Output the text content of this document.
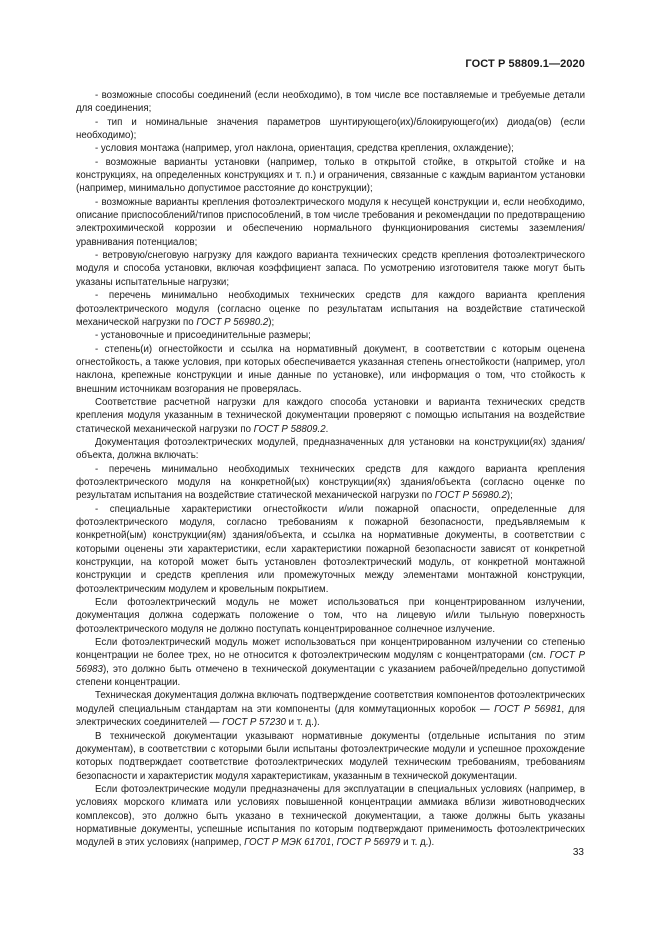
ГОСТ Р 58809.1—2020

- возможные способы соединений (если необходимо), в том числе все поставляемые и требуемые детали для соединения;

- тип и номинальные значения параметров шунтирующего(их)/блокирующего(их) диода(ов) (если необходимо);

- условия монтажа (например, угол наклона, ориентация, средства крепления, охлаждение);

- возможные варианты установки (например, только в открытой стойке, в открытой стойке и на конструкциях, на определенных конструкциях и т. п.) и ограничения, связанные с каждым вариантом установки (например, минимально допустимое расстояние до конструкции);

- возможные варианты крепления фотоэлектрического модуля к несущей конструкции и, если необходимо, описание приспособлений/типов приспособлений, в том числе требования и рекомендации по предотвращению электрохимической коррозии и обеспечению нормального функционирования системы заземления/уравнивания потенциалов;

- ветровую/снеговую нагрузку для каждого варианта технических средств крепления фотоэлектрического модуля и способа установки, включая коэффициент запаса. По усмотрению изготовителя также могут быть указаны испытательные нагрузки;

- перечень минимально необходимых технических средств для каждого варианта крепления фотоэлектрического модуля (согласно оценке по результатам испытания на воздействие статической механической нагрузки по ГОСТ Р 56980.2);

- установочные и присоединительные размеры;

- степень(и) огнестойкости и ссылка на нормативный документ, в соответствии с которым оценена огнестойкость, а также условия, при которых обеспечивается указанная степень огнестойкости (например, угол наклона, крепежные конструкции и иные данные по установке), или информация о том, что стойкость к внешним источникам возгорания не проверялась.

Соответствие расчетной нагрузки для каждого способа установки и варианта технических средств крепления модуля указанным в технической документации проверяют с помощью испытания на воздействие статической механической нагрузки по ГОСТ Р 58809.2.

Документация фотоэлектрических модулей, предназначенных для установки на конструкции(ях) здания/объекта, должна включать:

- перечень минимально необходимых технических средств для каждого варианта крепления фотоэлектрического модуля на конкретной(ых) конструкции(ях) здания/объекта (согласно оценке по результатам испытания на воздействие статической механической нагрузки по ГОСТ Р 56980.2);

- специальные характеристики огнестойкости и/или пожарной опасности, определенные для фотоэлектрического модуля, согласно требованиям к пожарной безопасности, предъявляемым к конкретной(ым) конструкции(ям) здания/объекта, и ссылка на нормативные документы, в соответствии с которыми оценены эти характеристики, если характеристики пожарной безопасности зависят от конкретной конструкции, на которой может быть установлен фотоэлектрический модуль, от конкретной монтажной конструкции и средств крепления или промежуточных между элементами монтажной конструкции, фотоэлектрическим модулем и кровельным покрытием.

Если фотоэлектрический модуль не может использоваться при концентрированном излучении, документация должна содержать положение о том, что на лицевую и/или тыльную поверхность фотоэлектрического модуля не должно поступать концентрированное солнечное излучение.

Если фотоэлектрический модуль может использоваться при концентрированном излучении со степенью концентрации не более трех, но не относится к фотоэлектрическим модулям с концентраторами (см. ГОСТ Р 56983), это должно быть отмечено в технической документации с указанием рабочей/предельно допустимой степени концентрации.

Техническая документация должна включать подтверждение соответствия компонентов фотоэлектрических модулей специальным стандартам на эти компоненты (для коммутационных коробок — ГОСТ Р 56981, для электрических соединителей — ГОСТ Р 57230 и т. д.).

В технической документации указывают нормативные документы (отдельные испытания по этим документам), в соответствии с которыми были испытаны фотоэлектрические модули и успешное прохождение которых подтверждает соответствие фотоэлектрических модулей техническим требованиям, требованиям безопасности и характеристик модуля характеристикам, указанным в технической документации.

Если фотоэлектрические модули предназначены для эксплуатации в специальных условиях (например, в условиях морского климата или условиях повышенной концентрации аммиака вблизи животноводческих комплексов), это должно быть указано в технической документации, а также должны быть указаны нормативные документы, успешные испытания по которым подтверждают применимость фотоэлектрических модулей в этих условиях (например, ГОСТ Р МЭК 61701, ГОСТ Р 56979 и т. д.).

33
